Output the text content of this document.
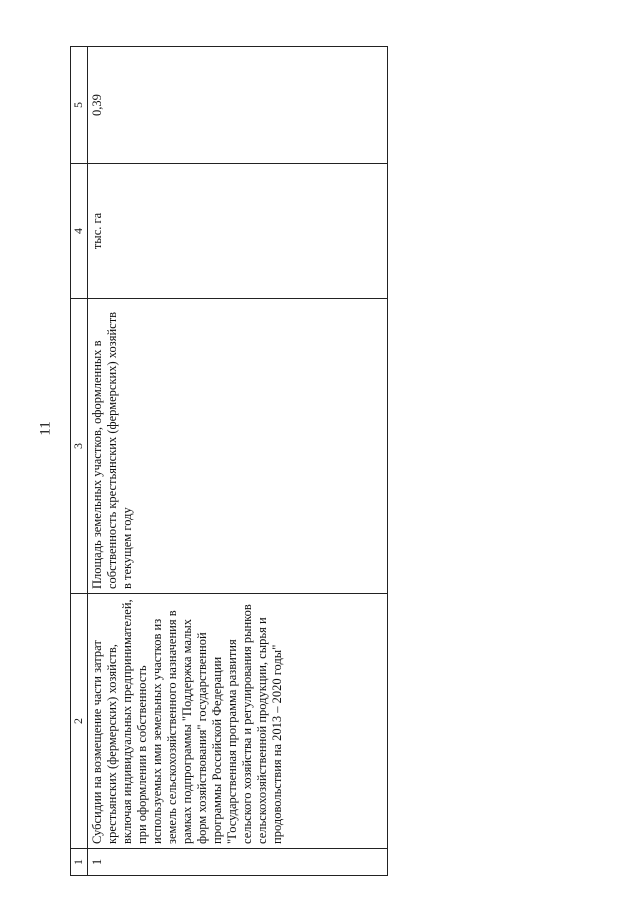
11
1	2	3	4	5
1	Субсидии на возмещение части затрат крестьянских (фермерских) хозяйств, включая индивидуальных предпринимателей, при оформлении в собственность используемых ими земельных участков из земель сельскохозяйственного назначения в рамках подпрограммы "Поддержка малых форм хозяйствования" государственной программы Российской Федерации "Государственная программа развития сельского хозяйства и регулирования рынков сельскохозяйственной продукции, сырья и продовольствия на 2013 – 2020 годы"	Площадь земельных участков, оформленных в собственность крестьянских (фермерских) хозяйств в текущем году	тыс. га	0,39
